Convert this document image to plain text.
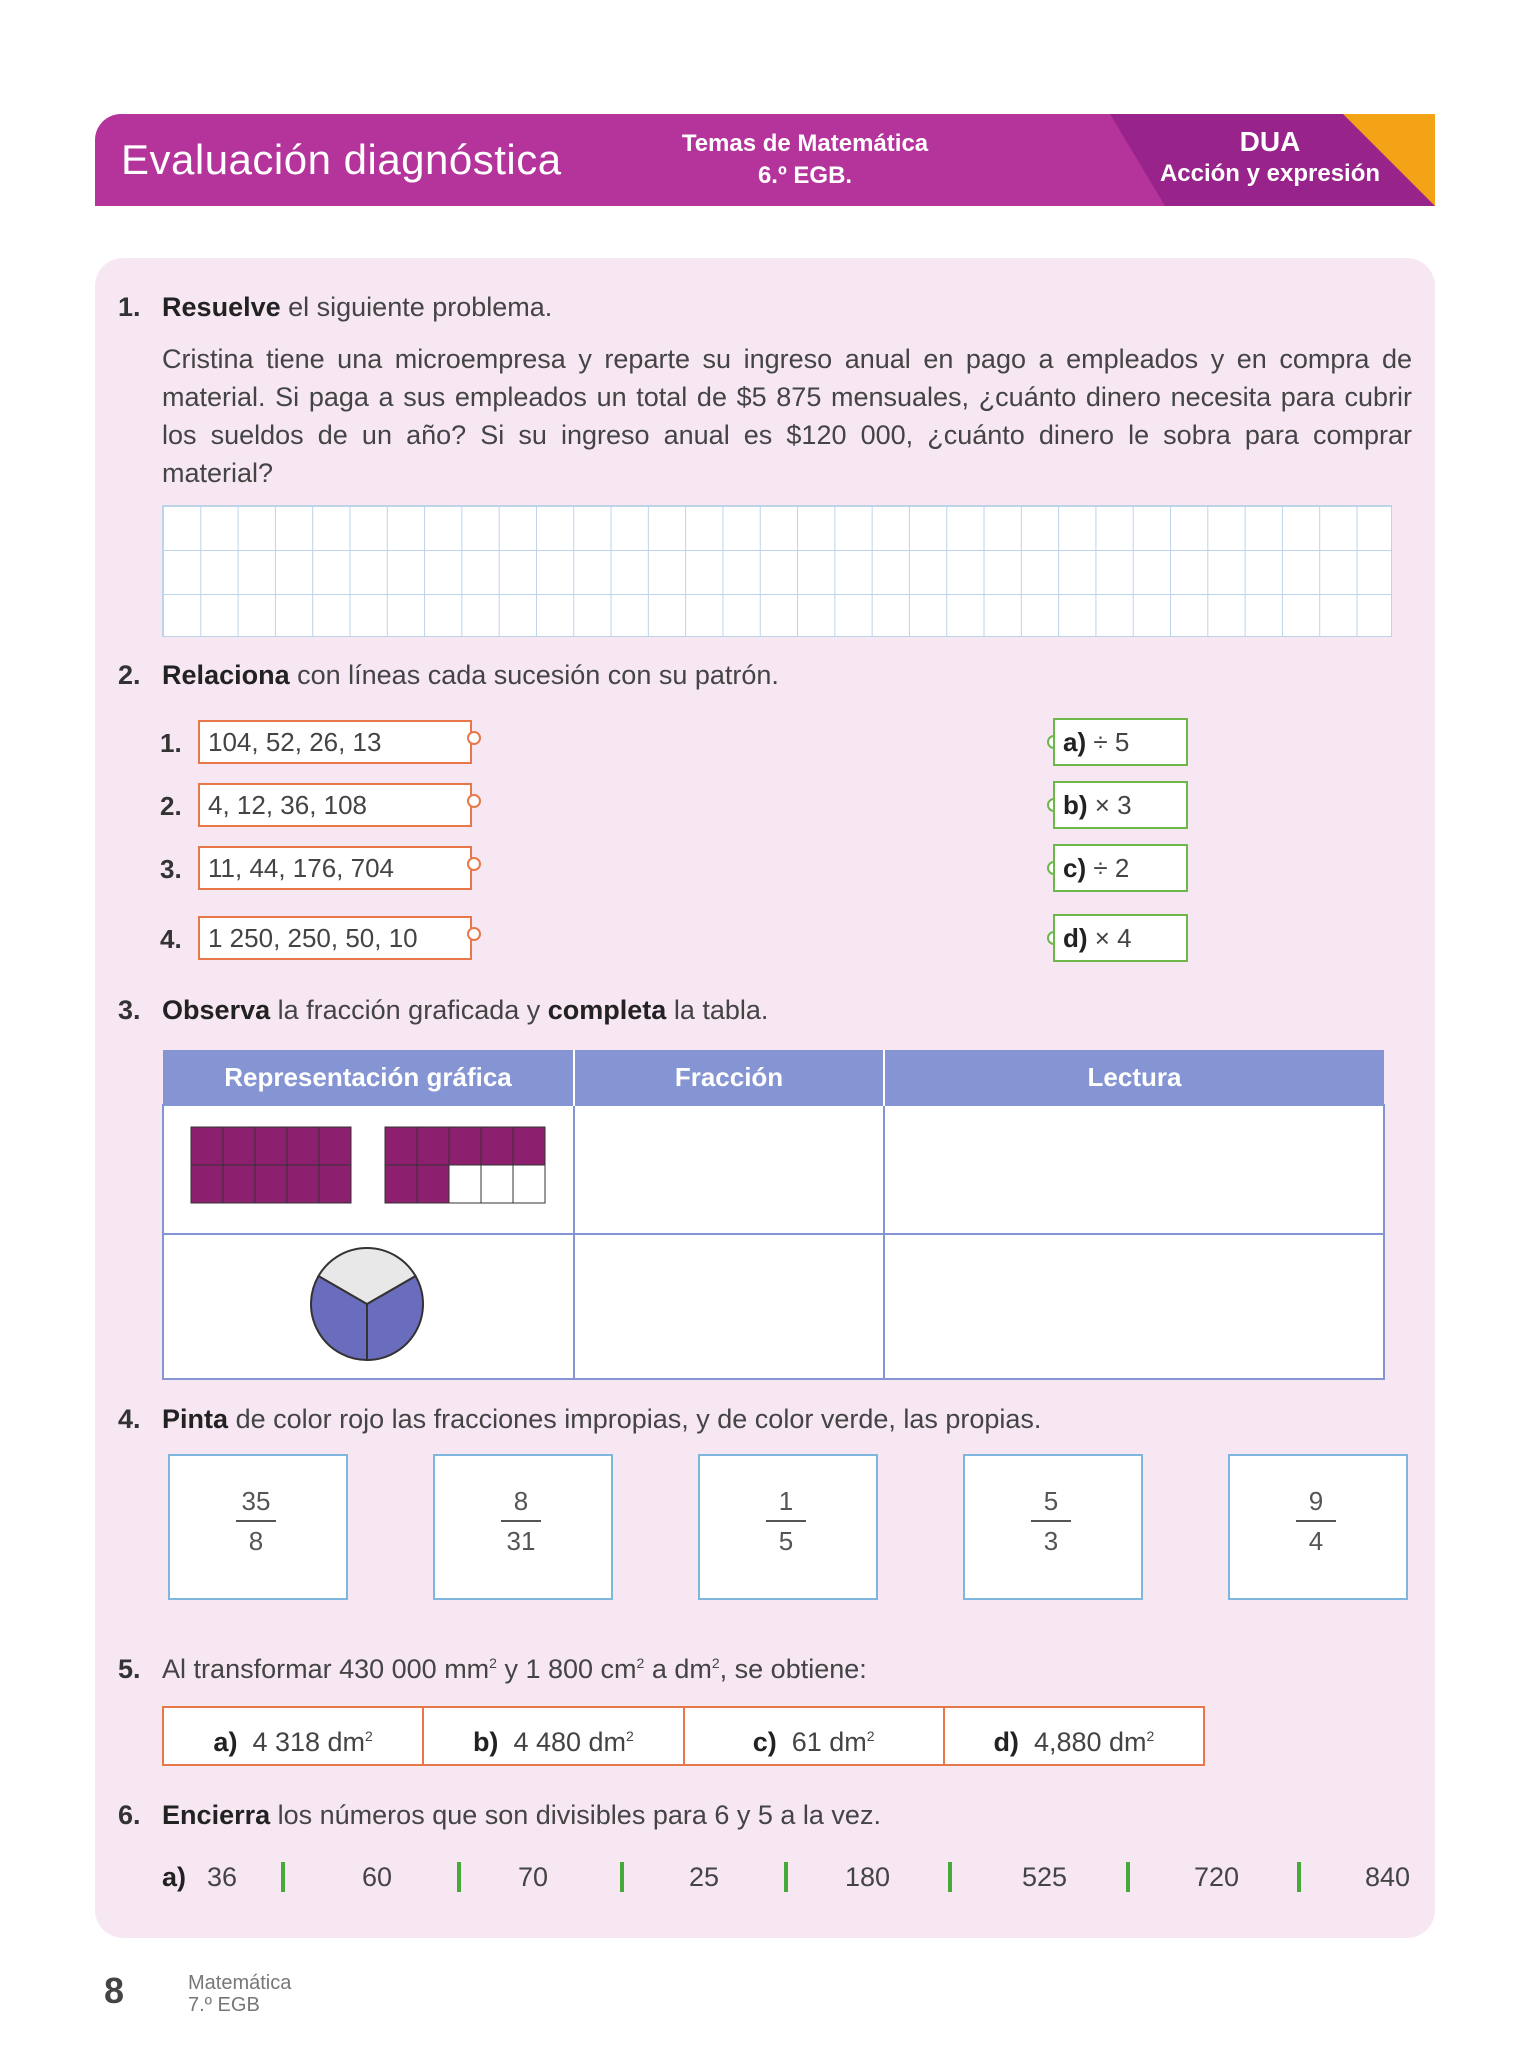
Evaluación diagnóstica	Temas de Matemática
6.º EGB.
DUA
Acción y expresión
1. Resuelve el siguiente problema.
Cristina tiene una microempresa y reparte su ingreso anual en pago a empleados y en compra de material. Si paga a sus empleados un total de $5 875 mensuales, ¿cuánto dinero necesita para cubrir los sueldos de un año? Si su ingreso anual es $120 000, ¿cuánto dinero le sobra para comprar material?
2. Relaciona con líneas cada sucesión con su patrón.
1.	104, 52, 26, 13
2.	4, 12, 36, 108
3.	11, 44, 176, 704
4.	1 250, 250, 50, 10
a) ÷ 5
b) × 3
c) ÷ 2
d) × 4
3. Observa la fracción graficada y completa la tabla.
Representación gráfica	Fracción	Lectura

4. Pinta de color rojo las fracciones impropias, y de color verde, las propias.
35
8
8
31
1
5
5
3
9
4
5. Al transformar 430 000 $mm^2$ y 1 800 $cm^2$ a $dm^2$, se obtiene:
a) 4 318 $dm^2$	b) 4 480 $dm^2$	c) 61 $dm^2$	d) 4,880 $dm^2$
6. Encierra los números que son divisibles para 6 y 5 a la vez.
a) 36	60	70	25	180	525	720	840
8	Matemática
7.º EGB
